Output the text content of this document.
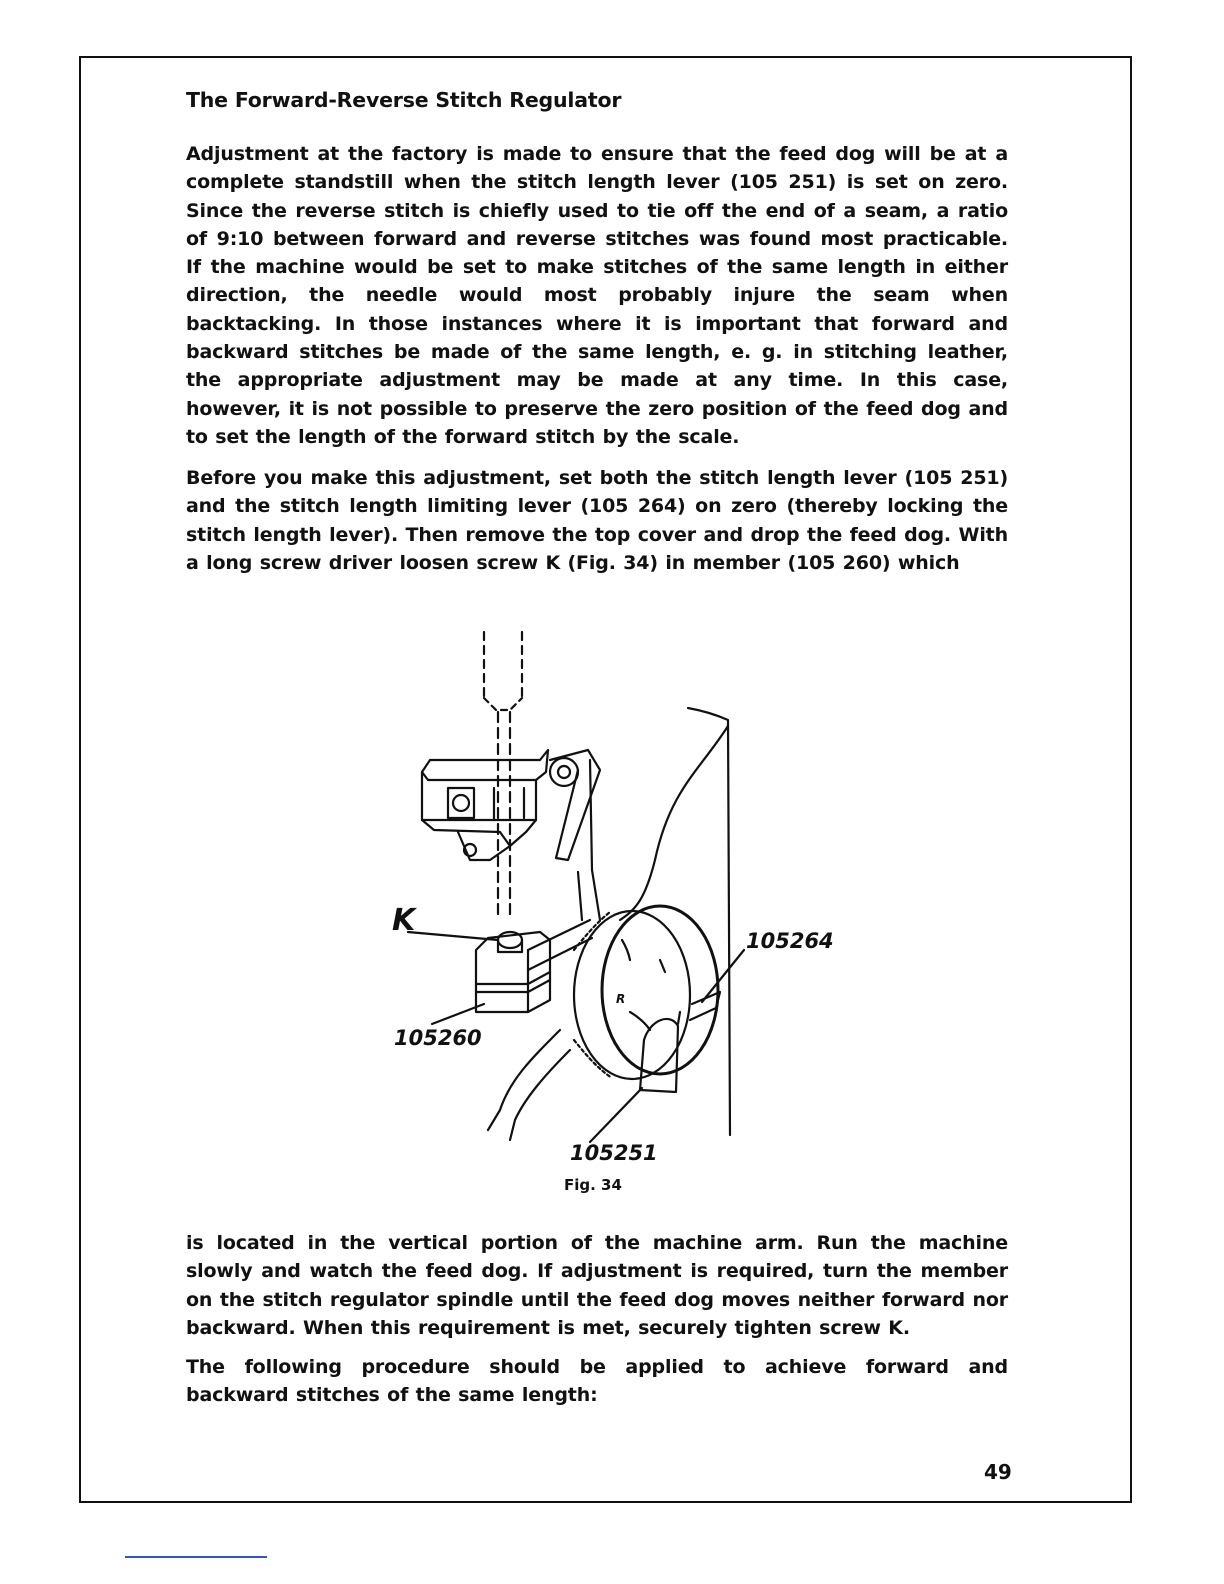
The Forward-Reverse Stitch Regulator

Adjustment at the factory is made to ensure that the feed dog will be at a complete standstill when the stitch length lever (105 251) is set on zero. Since the reverse stitch is chiefly used to tie off the end of a seam, a ratio of 9:10 between forward and reverse stitches was found most practicable. If the machine would be set to make stitches of the same length in either direction, the needle would most probably injure the seam when backtacking. In those instances where it is important that forward and backward stitches be made of the same length, e. g. in stitching leather, the appropriate adjustment may be made at any time. In this case, however, it is not possible to preserve the zero position of the feed dog and to set the length of the forward stitch by the scale.

Before you make this adjustment, set both the stitch length lever (105 251) and the stitch length limiting lever (105 264) on zero (thereby locking the stitch length lever). Then remove the top cover and drop the feed dog. With a long screw driver loosen screw K (Fig. 34) in member (105 260) which

K
105264
105260
105251
R
Fig. 34

is located in the vertical portion of the machine arm. Run the machine slowly and watch the feed dog. If adjustment is required, turn the member on the stitch regulator spindle until the feed dog moves neither forward nor backward. When this requirement is met, securely tighten screw K.

The following procedure should be applied to achieve forward and backward stitches of the same length:

49
